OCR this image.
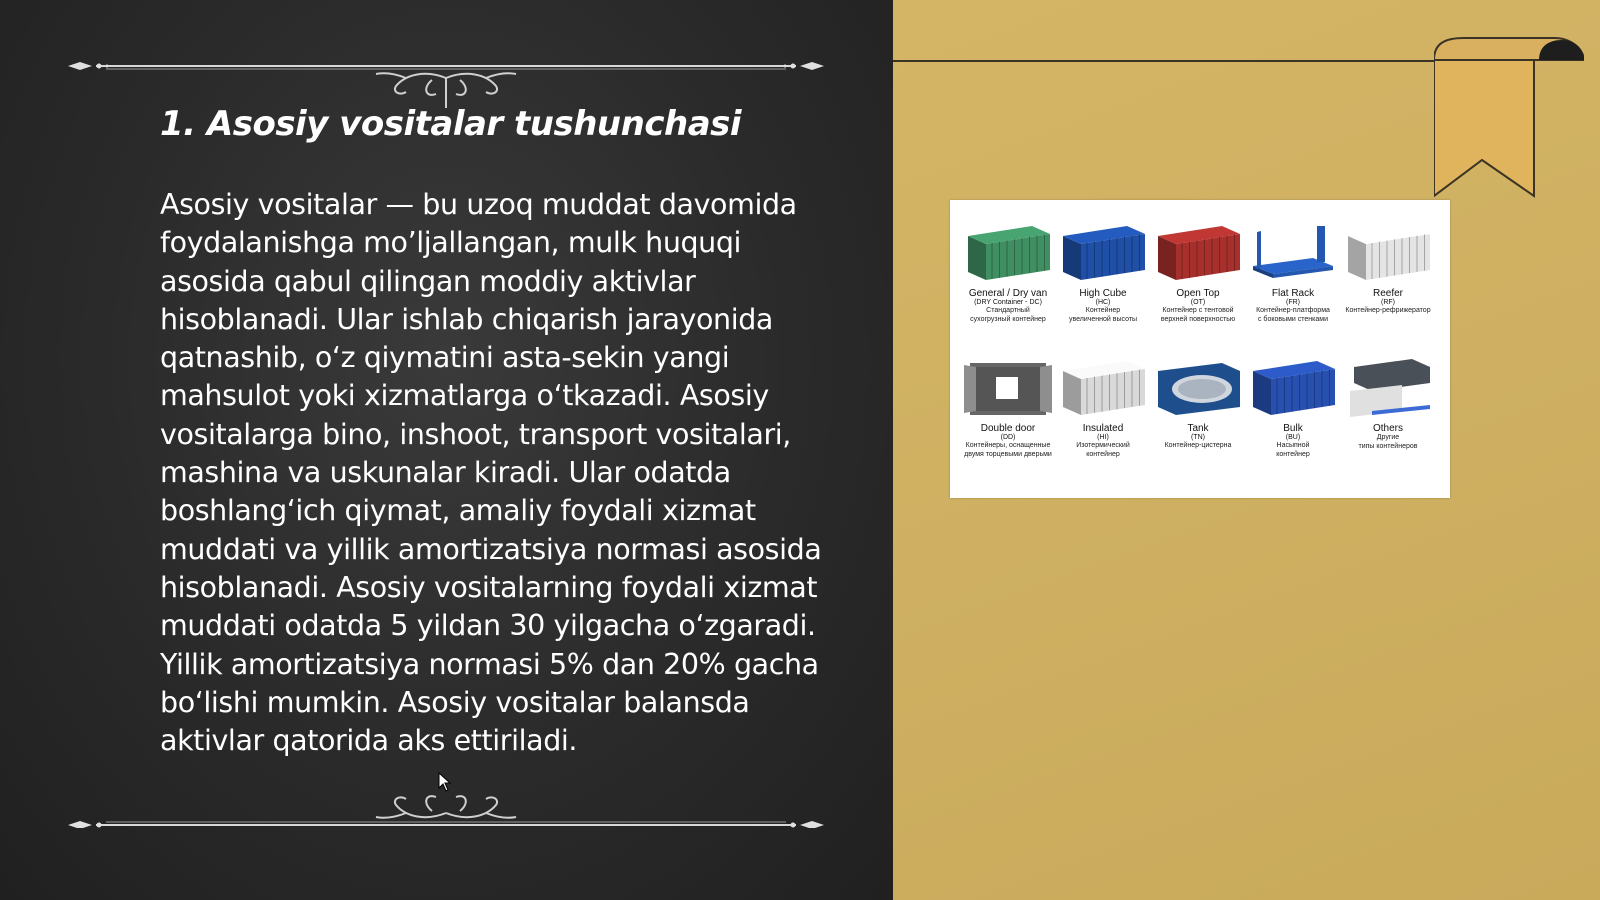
1. Asosiy vositalar tushunchasi

Asosiy vositalar — bu uzoq muddat davomida foydalanishga mo’ljallangan, mulk huquqi asosida qabul qilingan moddiy aktivlar hisoblanadi. Ular ishlab chiqarish jarayonida qatnashib, o‘z qiymatini asta-sekin yangi mahsulot yoki xizmatlarga o‘tkazadi. Asosiy vositalarga bino, inshoot, transport vositalari, mashina va uskunalar kiradi. Ular odatda boshlang‘ich qiymat, amaliy foydali xizmat muddati va yillik amortizatsiya normasi asosida hisoblanadi. Asosiy vositalarning foydali xizmat muddati odatda 5 yildan 30 yilgacha o‘zgaradi. Yillik amortizatsiya normasi 5% dan 20% gacha bo‘lishi mumkin. Asosiy vositalar balansda aktivlar qatorida aks ettiriladi.

General / Dry van
(DRY Container - DC)
Стандартный
сухогрузный контейнер
High Cube
(HC)
Контейнер
увеличенной высоты
Open Top
(OT)
Контейнер с тентовой
верхней поверхностью
Flat Rack
(FR)
Контейнер-платформа
с боковыми стенками
Reefer
(RF)
Контейнер-рефрижератор
Double door
(DD)
Контейнеры, оснащенные
двумя торцевыми дверьми
Insulated
(HI)
Изотермический
контейнер
Tank
(TN)
Контейнер-цистерна
Bulk
(BU)
Насыпной
контейнер
Others
Другие
типы контейнеров
